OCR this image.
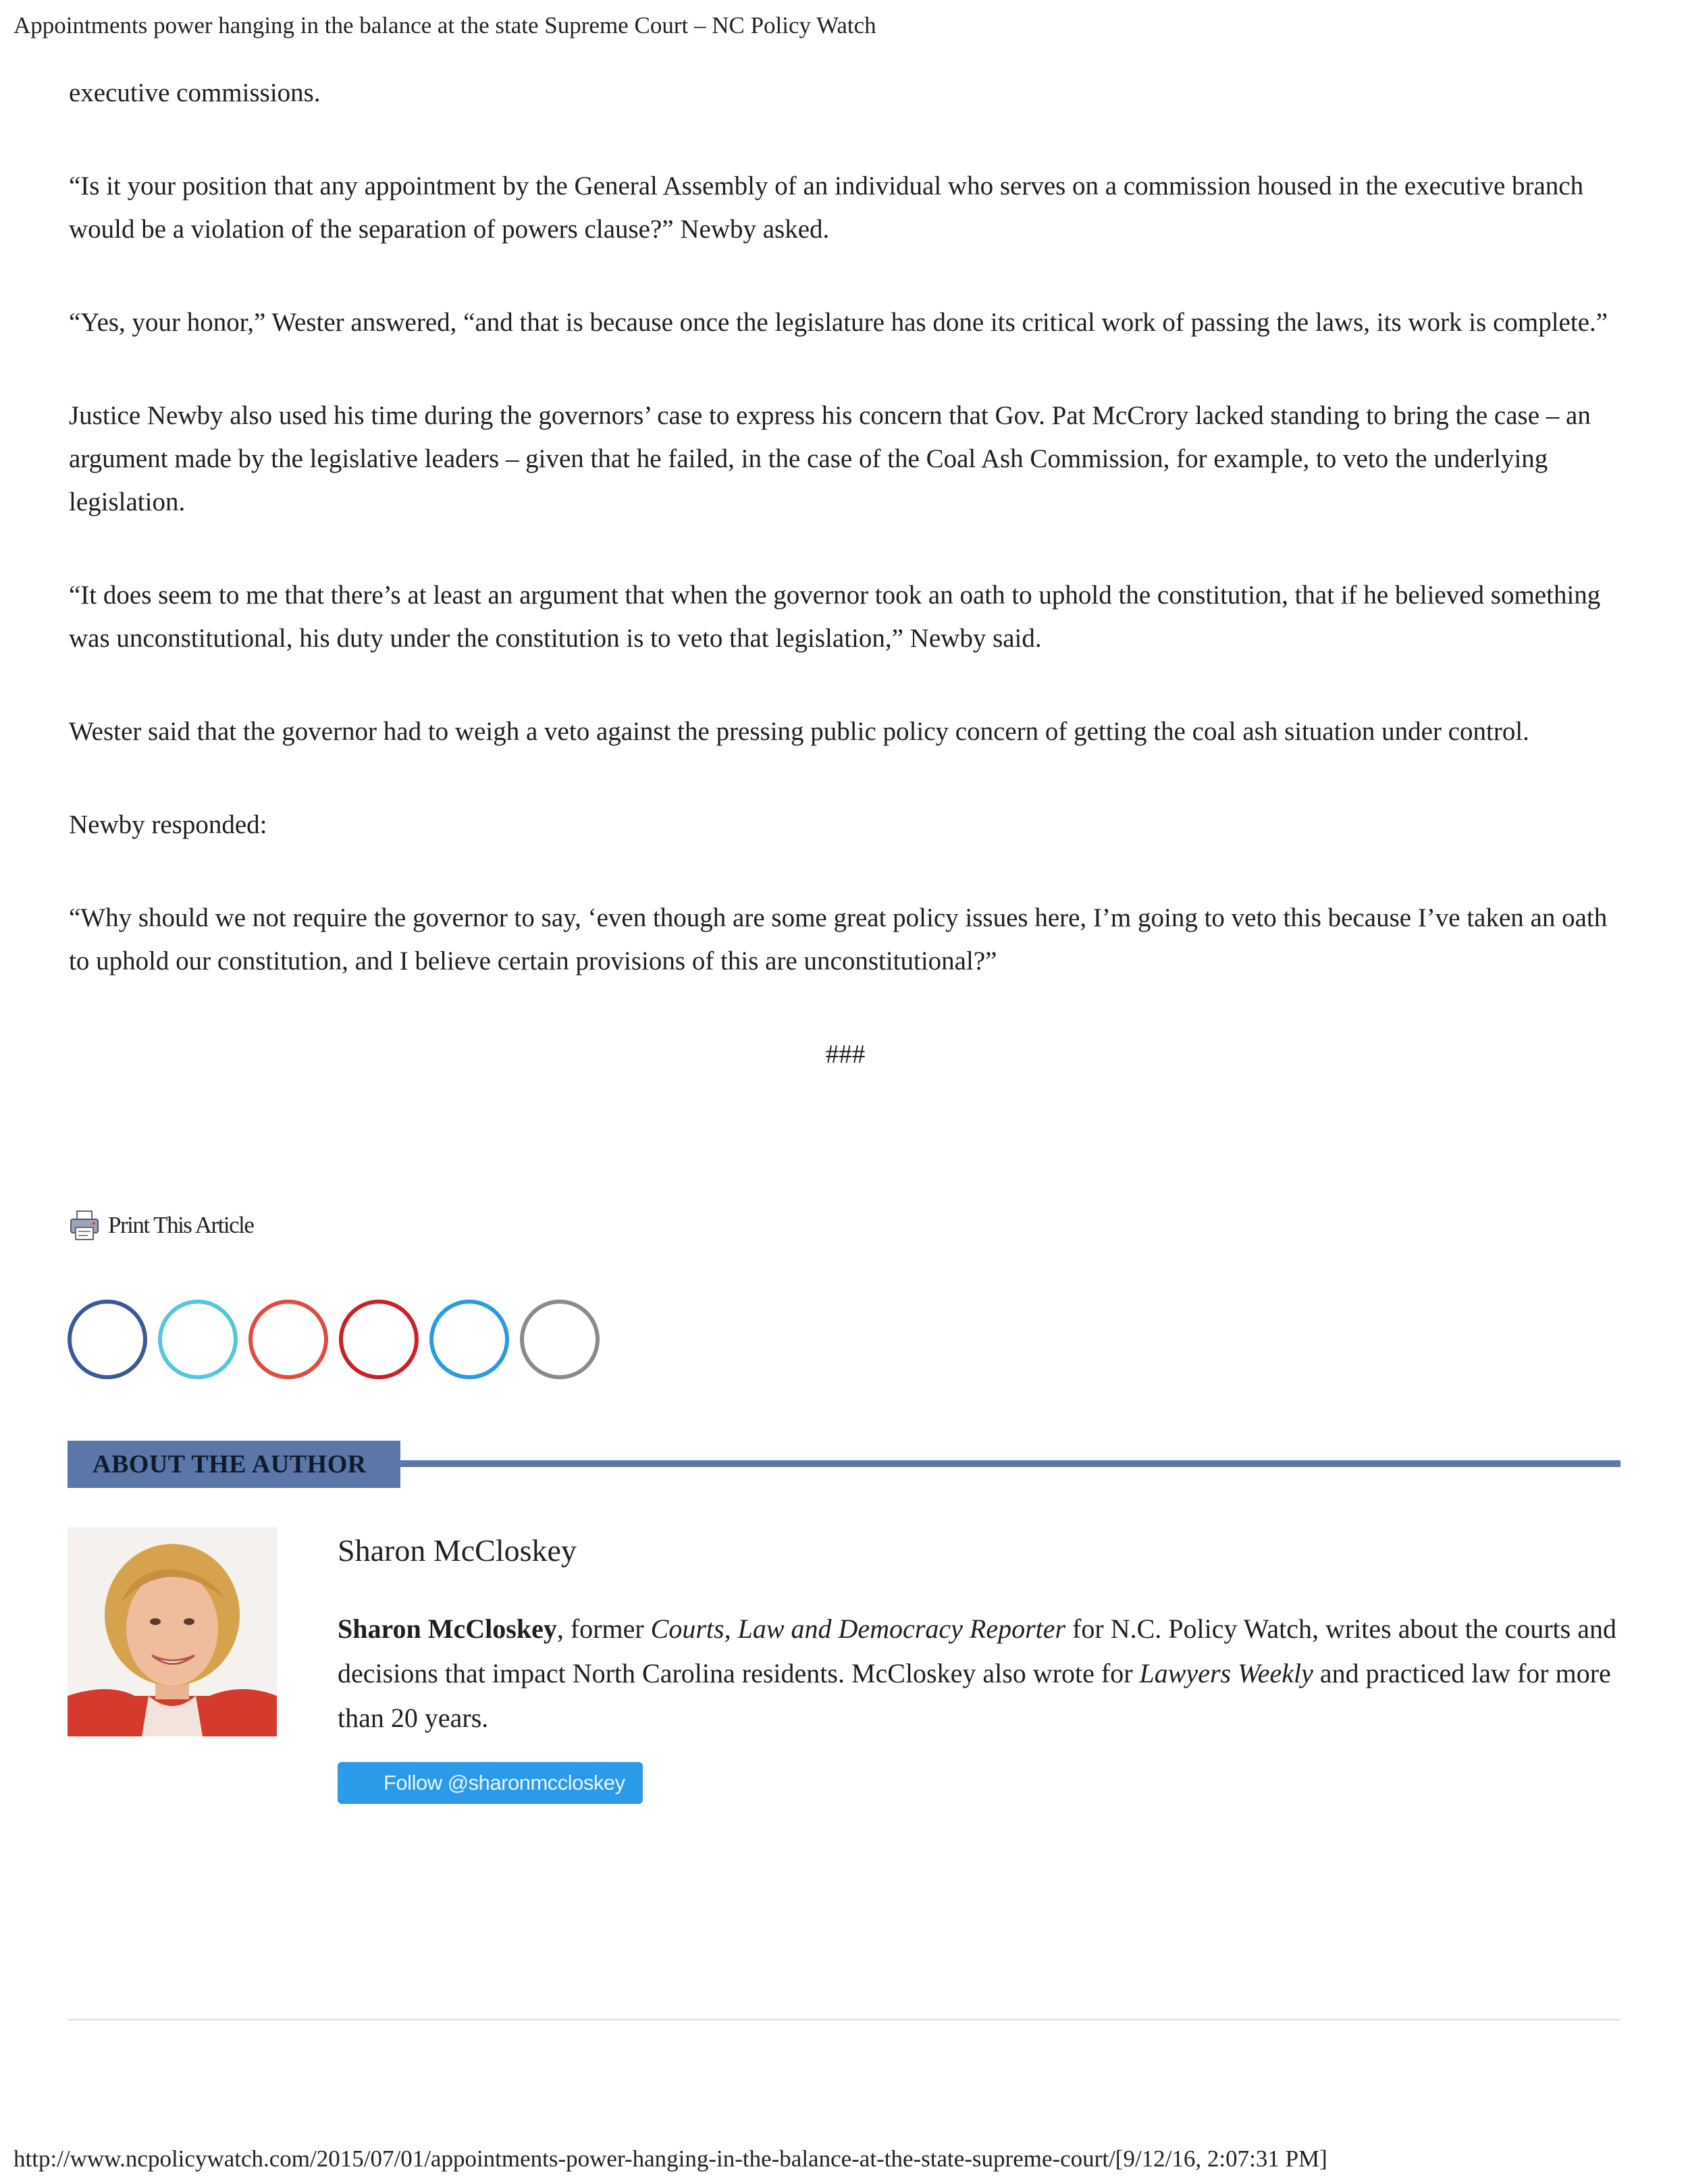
Appointments power hanging in the balance at the state Supreme Court – NC Policy Watch

executive commissions.

“Is it your position that any appointment by the General Assembly of an individual who serves on a commission housed in the executive branch would be a violation of the separation of powers clause?” Newby asked.

“Yes, your honor,” Wester answered, “and that is because once the legislature has done its critical work of passing the laws, its work is complete.”

Justice Newby also used his time during the governors’ case to express his concern that Gov. Pat McCrory lacked standing to bring the case – an argument made by the legislative leaders – given that he failed, in the case of the Coal Ash Commission, for example, to veto the underlying legislation.

“It does seem to me that there’s at least an argument that when the governor took an oath to uphold the constitution, that if he believed something was unconstitutional, his duty under the constitution is to veto that legislation,” Newby said.

Wester said that the governor had to weigh a veto against the pressing public policy concern of getting the coal ash situation under control.

Newby responded:

“Why should we not require the governor to say, ‘even though are some great policy issues here, I’m going to veto this because I’ve taken an oath to uphold our constitution, and I believe certain provisions of this are unconstitutional?”

###

Print This Article
ABOUT THE AUTHOR
Sharon McCloskey

Sharon McCloskey, former Courts, Law and Democracy Reporter for N.C. Policy Watch, writes about the courts and decisions that impact North Carolina residents. McCloskey also wrote for Lawyers Weekly and practiced law for more than 20 years.

Follow @sharonmccloskey
http://www.ncpolicywatch.com/2015/07/01/appointments-power-hanging-in-the-balance-at-the-state-supreme-court/[9/12/16, 2:07:31 PM]
